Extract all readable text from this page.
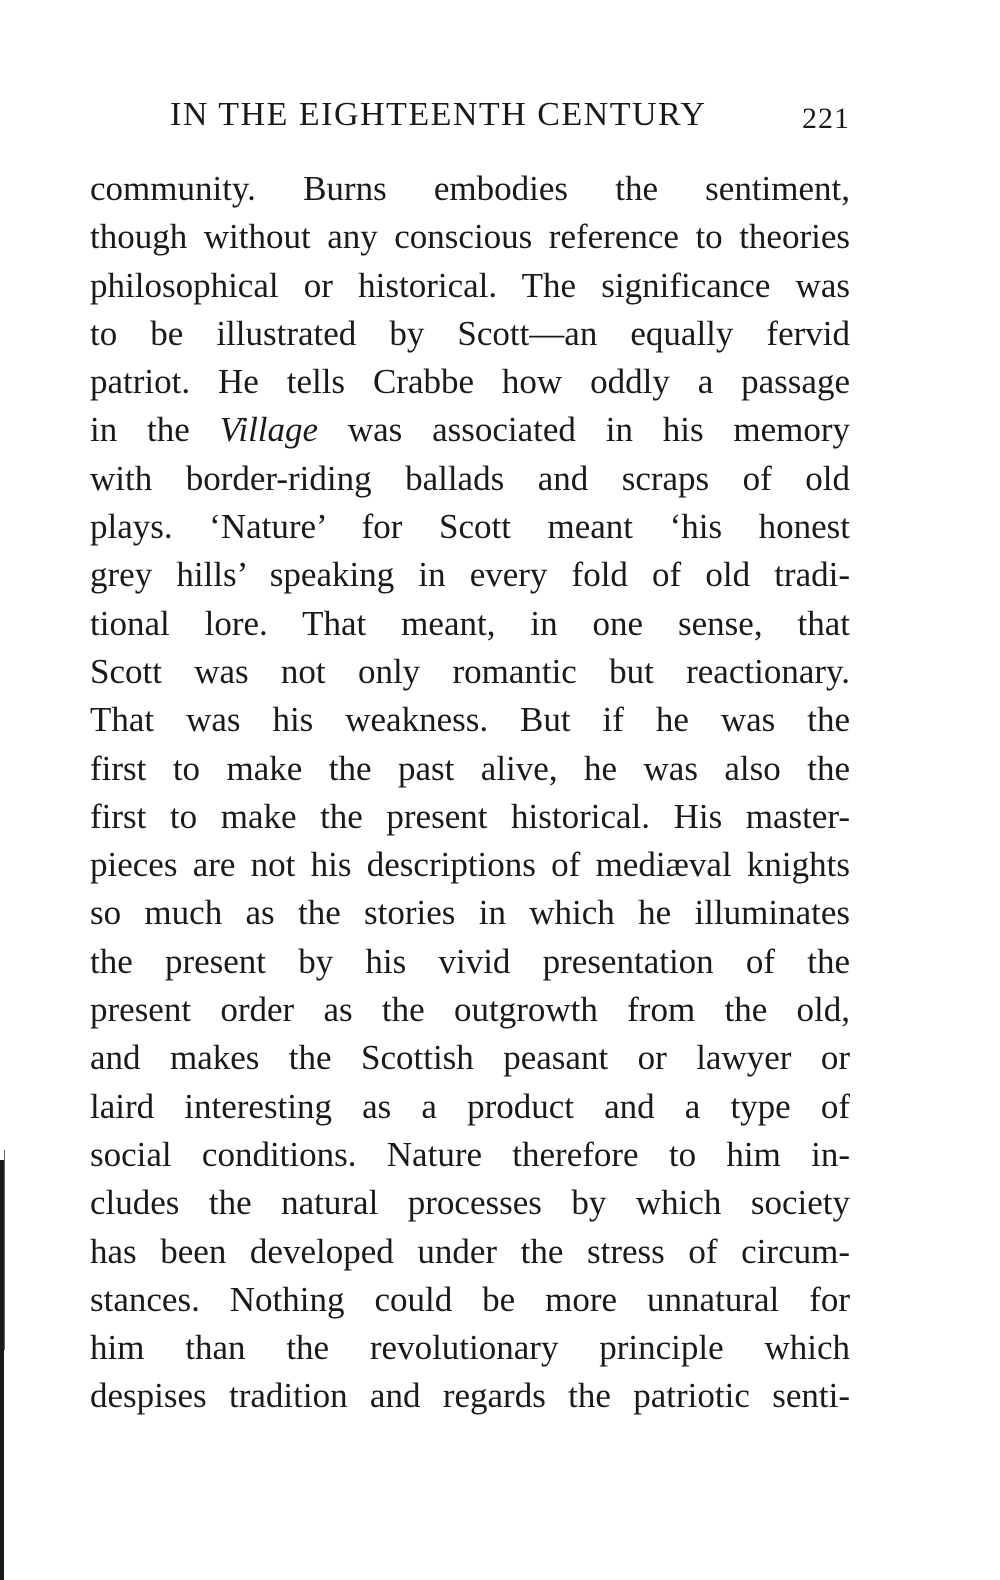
IN THE EIGHTEENTH CENTURY	221
community. Burns embodies the sentiment,
though without any conscious reference to theories
philosophical or historical. The significance was
to be illustrated by Scott—an equally fervid
patriot. He tells Crabbe how oddly a passage
in the Village was associated in his memory
with border-riding ballads and scraps of old
plays. ‘Nature’ for Scott meant ‘his honest
grey hills’ speaking in every fold of old tradi-
tional lore. That meant, in one sense, that
Scott was not only romantic but reactionary.
That was his weakness. But if he was the
first to make the past alive, he was also the
first to make the present historical. His master-
pieces are not his descriptions of mediæval knights
so much as the stories in which he illuminates
the present by his vivid presentation of the
present order as the outgrowth from the old,
and makes the Scottish peasant or lawyer or
laird interesting as a product and a type of
social conditions. Nature therefore to him in-
cludes the natural processes by which society
has been developed under the stress of circum-
stances. Nothing could be more unnatural for
him than the revolutionary principle which
despises tradition and regards the patriotic senti-
